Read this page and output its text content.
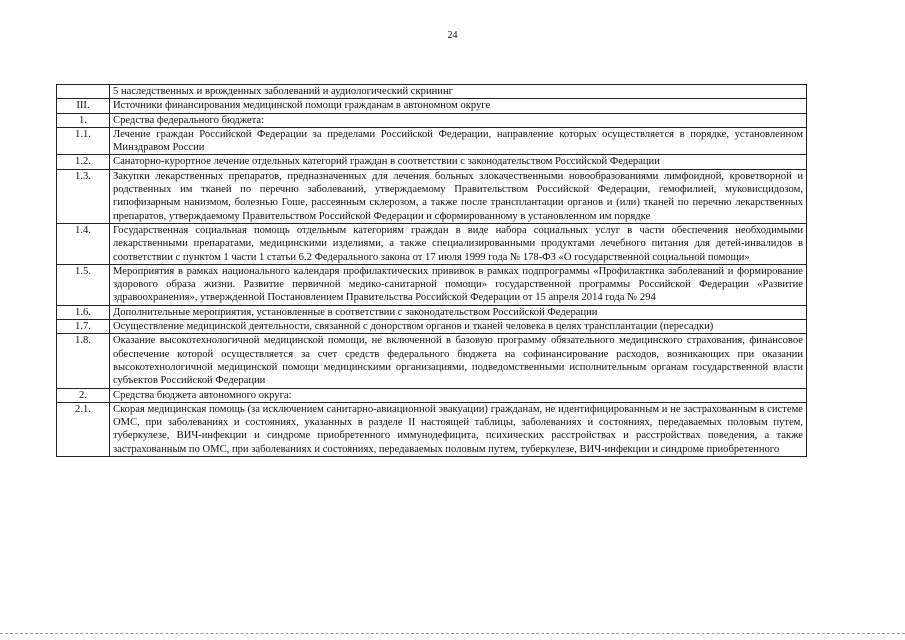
24
	5 наследственных и врожденных заболеваний и аудиологический скрининг
III.	Источники финансирования медицинской помощи гражданам в автономном округе
1.	Средства федерального бюджета:
1.1.	Лечение граждан Российской Федерации за пределами Российской Федерации, направление которых осуществляется в порядке, установленном Минздравом России
1.2.	Санаторно-курортное лечение отдельных категорий граждан в соответствии с законодательством Российской Федерации
1.3.	Закупки лекарственных препаратов, предназначенных для лечения больных злокачественными новообразованиями лимфоидной, кроветворной и родственных им тканей по перечню заболеваний, утверждаемому Правительством Российской Федерации, гемофилией, муковисцидозом, гипофизарным нанизмом, болезнью Гоше, рассеянным склерозом, а также после трансплантации органов и (или) тканей по перечню лекарственных препаратов, утверждаемому Правительством Российской Федерации и сформированному в установленном им порядке
1.4.	Государственная социальная помощь отдельным категориям граждан в виде набора социальных услуг в части обеспечения необходимыми лекарственными препаратами, медицинскими изделиями, а также специализированными продуктами лечебного питания для детей-инвалидов в соответствии с пунктом 1 части 1 статьи 6.2 Федерального закона от 17 июля 1999 года № 178-ФЗ «О государственной социальной помощи»
1.5.	Мероприятия в рамках национального календаря профилактических прививок в рамках подпрограммы «Профилактика заболеваний и формирование здорового образа жизни. Развитие первичной медико-санитарной помощи» государственной программы Российской Федерации «Развитие здравоохранения», утвержденной Постановлением Правительства Российской Федерации от 15 апреля 2014 года № 294
1.6.	Дополнительные мероприятия, установленные в соответствии с законодательством Российской Федерации
1.7.	Осуществление медицинской деятельности, связанной с донорством органов и тканей человека в целях трансплантации (пересадки)
1.8.	Оказание высокотехнологичной медицинской помощи, не включенной в базовую программу обязательного медицинского страхования, финансовое обеспечение которой осуществляется за счет средств федерального бюджета на софинансирование расходов, возникающих при оказании высокотехнологичной медицинской помощи медицинскими организациями, подведомственными исполнительным органам государственной власти субъектов Российской Федерации
2.	Средства бюджета автономного округа:
2.1.	Скорая медицинская помощь (за исключением санитарно-авиационной эвакуации) гражданам, не идентифицированным и не застрахованным в системе ОМС, при заболеваниях и состояниях, указанных в разделе II настоящей таблицы, заболеваниях и состояниях, передаваемых половым путем, туберкулезе, ВИЧ-инфекции и синдроме приобретенного иммунодефицита, психических расстройствах и расстройствах поведения, а также застрахованным по ОМС, при заболеваниях и состояниях, передаваемых половым путем, туберкулезе, ВИЧ-инфекции и синдроме приобретенного
